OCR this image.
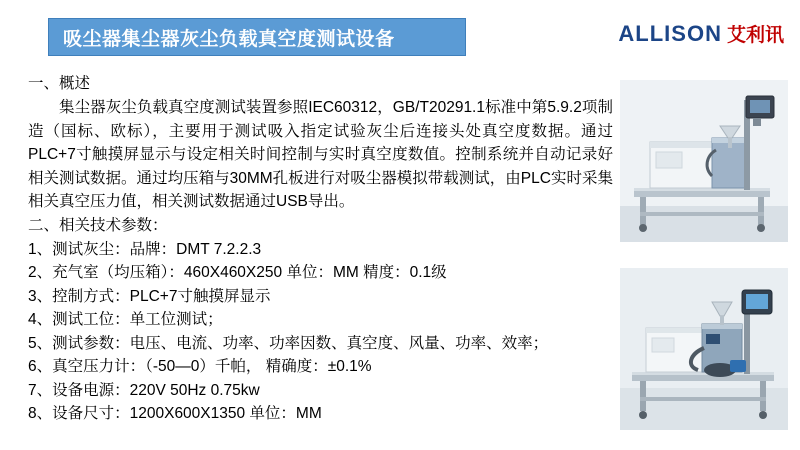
吸尘器集尘器灰尘负载真空度测试设备	ALLISON 艾利讯

一、概述

集尘器灰尘负载真空度测试装置参照IEC60312，GB/T20291.1标准中第5.9.2项制造（国标、欧标），主要用于测试吸入指定试验灰尘后连接头处真空度数据。通过PLC+7寸触摸屏显示与设定相关时间控制与实时真空度数值。控制系统并自动记录好相关测试数据。通过均压箱与30MM孔板进行对吸尘器模拟带载测试，由PLC实时采集相关真空压力值，相关测试数据通过USB导出。

二、相关技术参数：

1、测试灰尘：品牌：DMT 7.2.2.3
2、充气室（均压箱）：460X460X250 单位：MM 精度：0.1级
3、控制方式：PLC+7寸触摸屏显示
4、测试工位：单工位测试；
5、测试参数：电压、电流、功率、功率因数、真空度、风量、功率、效率；
6、真空压力计：（-50—0）千帕， 精确度：±0.1%
7、设备电源：220V 50Hz 0.75kw
8、设备尺寸：1200X600X1350 单位：MM
